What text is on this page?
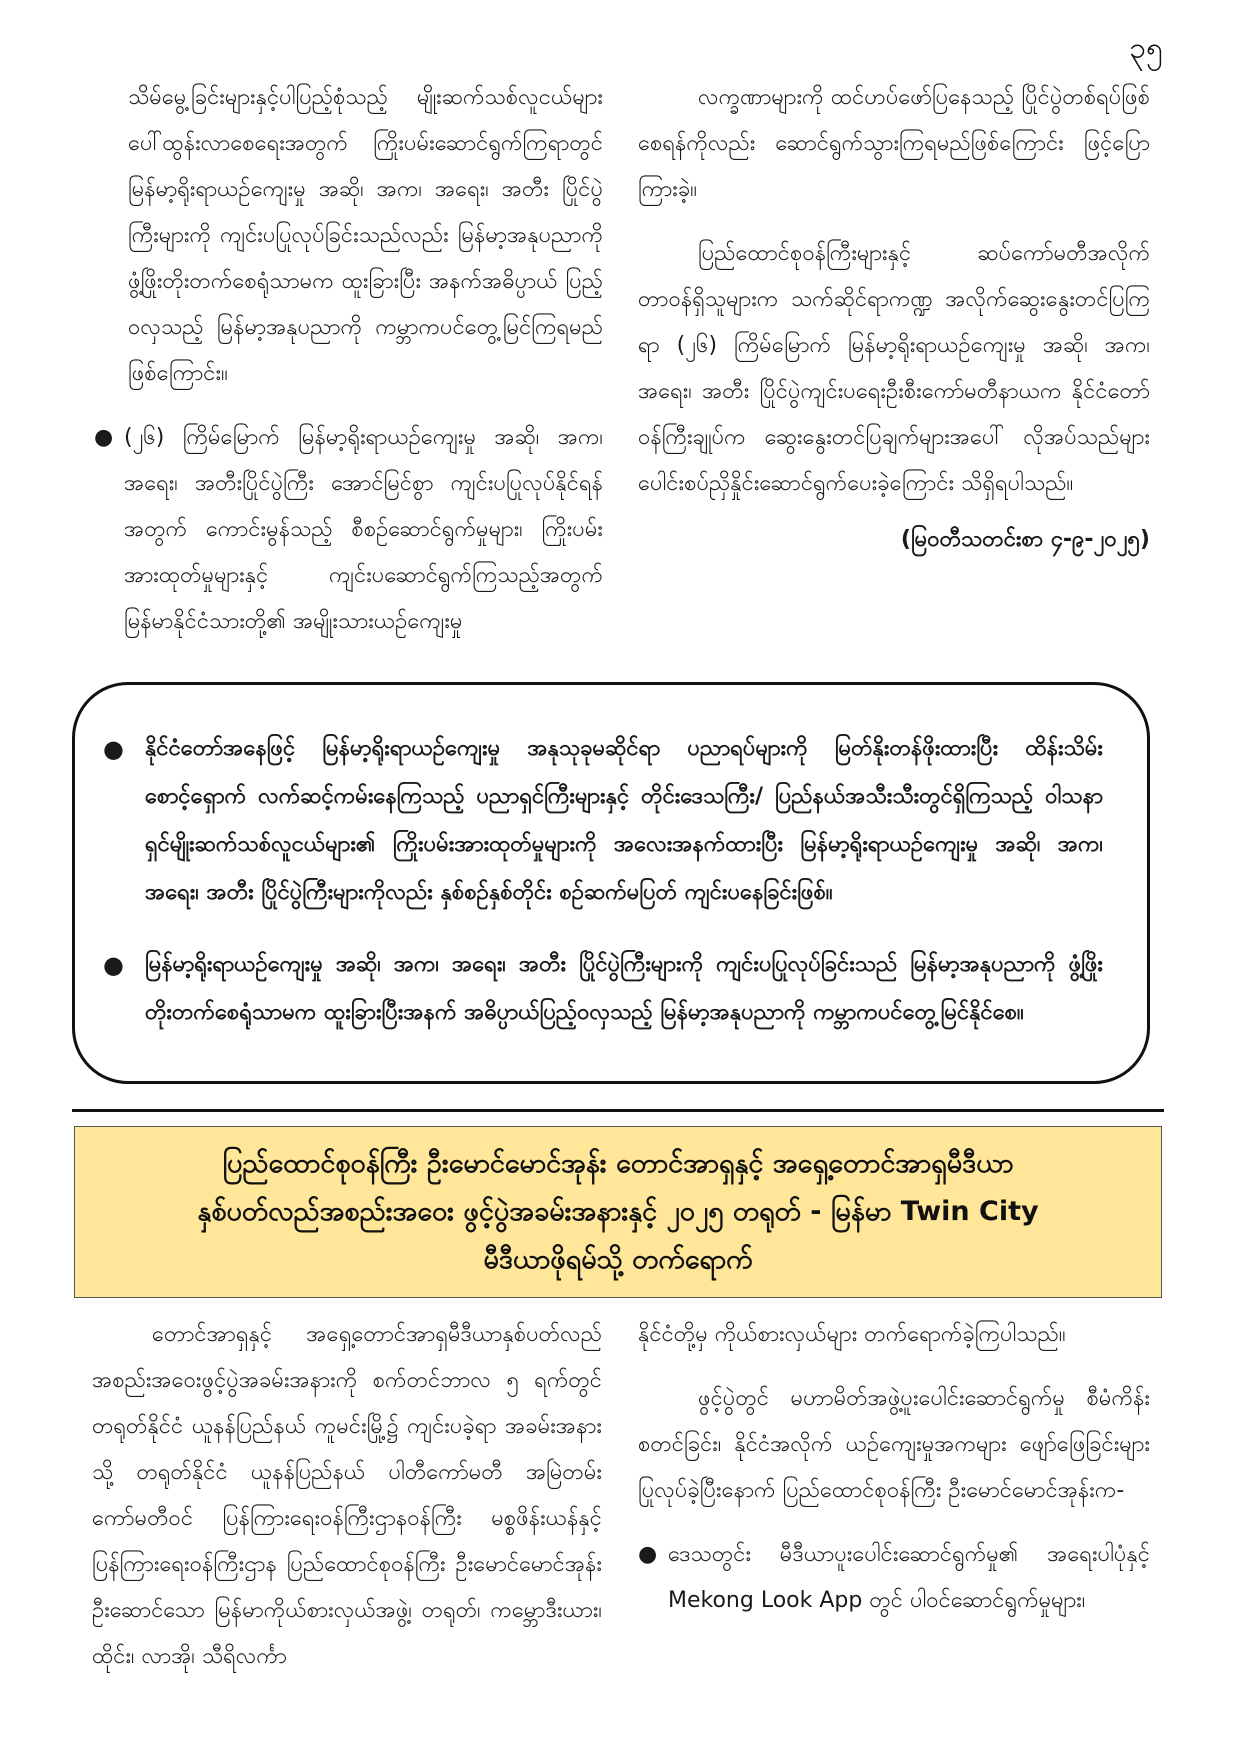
၃၅

သိမ်မွေ့ခြင်းများနှင့်ပါပြည့်စုံသည့် မျိုးဆက်သစ်လူငယ်များ ပေါ်ထွန်းလာစေရေးအတွက် ကြိုးပမ်းဆောင်ရွက်ကြရာတွင် မြန်မာ့ရိုးရာယဉ်ကျေးမှု အဆို၊ အက၊ အရေး၊ အတီး ပြိုင်ပွဲကြီးများကို ကျင်းပပြုလုပ်ခြင်းသည်လည်း မြန်မာ့အနုပညာကို ဖွံ့ဖြိုးတိုးတက်စေရုံသာမက ထူးခြားပြီး အနက်အဓိပ္ပာယ် ပြည့်ဝလှသည့် မြန်မာ့အနုပညာကို ကမ္ဘာကပင်တွေ့မြင်ကြရမည်ဖြစ်ကြောင်း။

● (၂၆) ကြိမ်မြောက် မြန်မာ့ရိုးရာယဉ်ကျေးမှု အဆို၊ အက၊ အရေး၊ အတီးပြိုင်ပွဲကြီး အောင်မြင်စွာ ကျင်းပပြုလုပ်နိုင်ရန်အတွက် ကောင်းမွန်သည့် စီစဉ်ဆောင်ရွက်မှုများ၊ ကြိုးပမ်းအားထုတ်မှုများနှင့် ကျင်းပဆောင်ရွက်ကြသည့်အတွက် မြန်မာနိုင်ငံသားတို့၏ အမျိုးသားယဉ်ကျေးမှု

လက္ခဏာများကို ထင်ဟပ်ဖော်ပြနေသည့် ပြိုင်ပွဲတစ်ရပ်ဖြစ်စေရန်ကိုလည်း ဆောင်ရွက်သွားကြရမည်ဖြစ်ကြောင်း ဖြင့်ပြောကြားခဲ့။

ပြည်ထောင်စုဝန်ကြီးများနှင့် ဆပ်ကော်မတီအလိုက်တာဝန်ရှိသူများက သက်ဆိုင်ရာကဏ္ဍ အလိုက်ဆွေးနွေးတင်ပြကြရာ (၂၆) ကြိမ်မြောက် မြန်မာ့ရိုးရာယဉ်ကျေးမှု အဆို၊ အက၊ အရေး၊ အတီး ပြိုင်ပွဲကျင်းပရေးဦးစီးကော်မတီနာယက နိုင်ငံတော်ဝန်ကြီးချုပ်က ဆွေးနွေးတင်ပြချက်များအပေါ် လိုအပ်သည်များ ပေါင်းစပ်ညှိနှိုင်းဆောင်ရွက်ပေးခဲ့ကြောင်း သိရှိရပါသည်။

(မြဝတီသတင်းစာ ၄-၉-၂၀၂၅)
● နိုင်ငံတော်အနေဖြင့် မြန်မာ့ရိုးရာယဉ်ကျေးမှု အနုသုခုမဆိုင်ရာ ပညာရပ်များကို မြတ်နိုးတန်ဖိုးထားပြီး ထိန်းသိမ်းစောင့်ရှောက် လက်ဆင့်ကမ်းနေကြသည့် ပညာရှင်ကြီးများနှင့် တိုင်းဒေသကြီး/ ပြည်နယ်အသီးသီးတွင်ရှိကြသည့် ဝါသနာရှင်မျိုးဆက်သစ်လူငယ်များ၏ ကြိုးပမ်းအားထုတ်မှုများကို အလေးအနက်ထားပြီး မြန်မာ့ရိုးရာယဉ်ကျေးမှု အဆို၊ အက၊ အရေး၊ အတီး ပြိုင်ပွဲကြီးများကိုလည်း နှစ်စဉ်နှစ်တိုင်း စဉ်ဆက်မပြတ် ကျင်းပနေခြင်းဖြစ်။

● မြန်မာ့ရိုးရာယဉ်ကျေးမှု အဆို၊ အက၊ အရေး၊ အတီး ပြိုင်ပွဲကြီးများကို ကျင်းပပြုလုပ်ခြင်းသည် မြန်မာ့အနုပညာကို ဖွံ့ဖြိုးတိုးတက်စေရုံသာမက ထူးခြားပြီးအနက် အဓိပ္ပာယ်ပြည့်ဝလှသည့် မြန်မာ့အနုပညာကို ကမ္ဘာကပင်တွေ့မြင်နိုင်စေ။

ပြည်ထောင်စုဝန်ကြီး ဦးမောင်မောင်အုန်း တောင်အာရှနှင့် အရှေ့တောင်အာရှမီဒီယာ
နှစ်ပတ်လည်အစည်းအဝေး ဖွင့်ပွဲအခမ်းအနားနှင့် ၂၀၂၅ တရုတ် - မြန်မာ Twin City
မီဒီယာဖိုရမ်သို့ တက်ရောက်

တောင်အာရှနှင့် အရှေ့တောင်အာရှမီဒီယာနှစ်ပတ်လည်အစည်းအဝေးဖွင့်ပွဲအခမ်းအနားကို စက်တင်ဘာလ ၅ ရက်တွင် တရုတ်နိုင်ငံ ယူနန်ပြည်နယ် ကူမင်းမြို့၌ ကျင်းပခဲ့ရာ အခမ်းအနားသို့ တရုတ်နိုင်ငံ ယူနန်ပြည်နယ် ပါတီကော်မတီ အမြဲတမ်းကော်မတီဝင် ပြန်ကြားရေးဝန်ကြီးဌာနဝန်ကြီး မစ္စဖိန်းယန်နှင့် ပြန်ကြားရေးဝန်ကြီးဌာန ပြည်ထောင်စုဝန်ကြီး ဦးမောင်မောင်အုန်း ဦးဆောင်သော မြန်မာကိုယ်စားလှယ်အဖွဲ့၊ တရုတ်၊ ကမ္ဘောဒီးယား၊ ထိုင်း၊ လာအို၊ သီရိလင်္ကာ

နိုင်ငံတို့မှ ကိုယ်စားလှယ်များ တက်ရောက်ခဲ့ကြပါသည်။

ဖွင့်ပွဲတွင် မဟာမိတ်အဖွဲ့ပူးပေါင်းဆောင်ရွက်မှု စီမံကိန်းစတင်ခြင်း၊ နိုင်ငံအလိုက် ယဉ်ကျေးမှုအကများ ဖျော်ဖြေခြင်းများ ပြုလုပ်ခဲ့ပြီးနောက် ပြည်ထောင်စုဝန်ကြီး ဦးမောင်မောင်အုန်းက-

● ဒေသတွင်း မီဒီယာပူးပေါင်းဆောင်ရွက်မှု၏ အရေးပါပုံနှင့် Mekong Look App တွင် ပါဝင်ဆောင်ရွက်မှုများ၊
